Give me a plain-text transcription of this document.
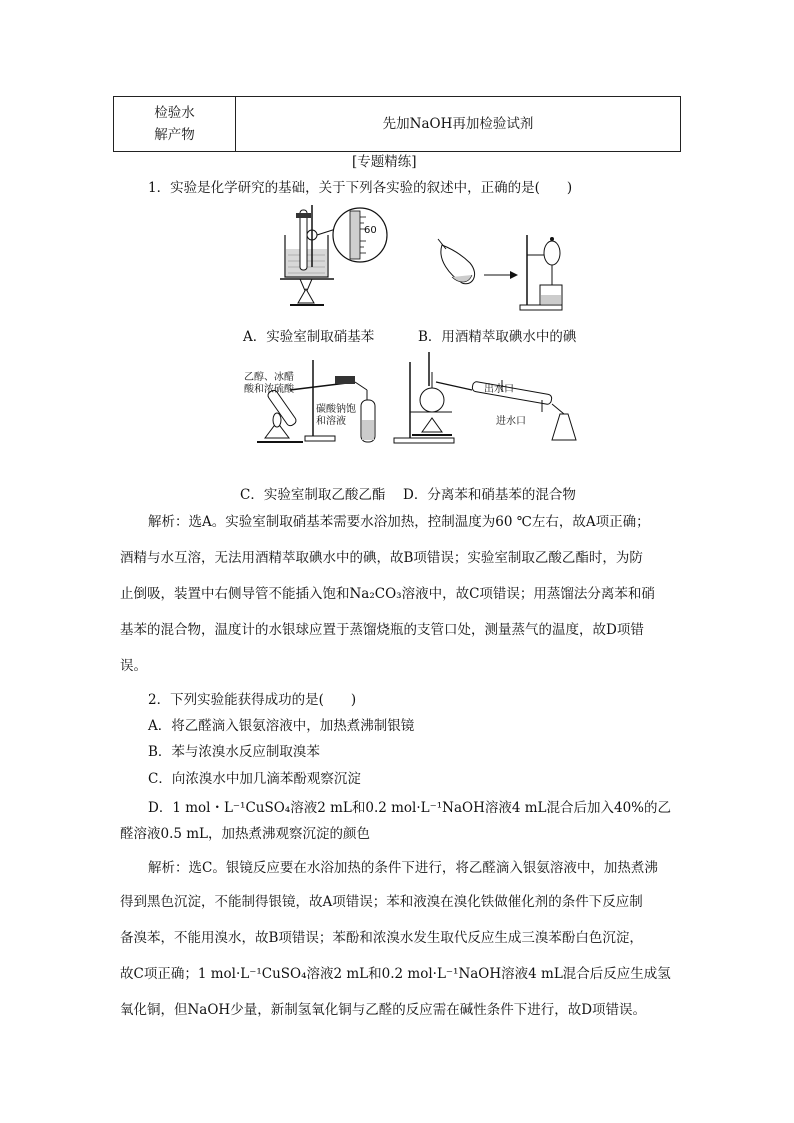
检验水
解产物
	先加NaOH再加检验试剂
[专题精练]
1．实验是化学研究的基础，关于下列各实验的叙述中，正确的是(　　)
60
A．实验室制取硝基苯	B．用酒精萃取碘水中的碘
乙醇、冰醋
酸和浓硫酸
碳酸钠饱
和溶液
出水口
进水口
C．实验室制取乙酸乙酯 D．分离苯和硝基苯的混合物
解析：选A。实验室制取硝基苯需要水浴加热，控制温度为60 ℃左右，故A项正确；
酒精与水互溶，无法用酒精萃取碘水中的碘，故B项错误；实验室制取乙酸乙酯时，为防
止倒吸，装置中右侧导管不能插入饱和Na₂CO₃溶液中，故C项错误；用蒸馏法分离苯和硝
基苯的混合物，温度计的水银球应置于蒸馏烧瓶的支管口处，测量蒸气的温度，故D项错
误。
2．下列实验能获得成功的是(　　)
A．将乙醛滴入银氨溶液中，加热煮沸制银镜
B．苯与浓溴水反应制取溴苯
C．向浓溴水中加几滴苯酚观察沉淀
D．1 mol・L⁻¹CuSO₄溶液2 mL和0.2 mol·L⁻¹NaOH溶液4 mL混合后加入40%的乙
醛溶液0.5 mL，加热煮沸观察沉淀的颜色
解析：选C。银镜反应要在水浴加热的条件下进行，将乙醛滴入银氨溶液中，加热煮沸
得到黑色沉淀，不能制得银镜，故A项错误；苯和液溴在溴化铁做催化剂的条件下反应制
备溴苯，不能用溴水，故B项错误；苯酚和浓溴水发生取代反应生成三溴苯酚白色沉淀，
故C项正确；1 mol·L⁻¹CuSO₄溶液2 mL和0.2 mol·L⁻¹NaOH溶液4 mL混合后反应生成氢
氧化铜，但NaOH少量，新制氢氧化铜与乙醛的反应需在碱性条件下进行，故D项错误。
